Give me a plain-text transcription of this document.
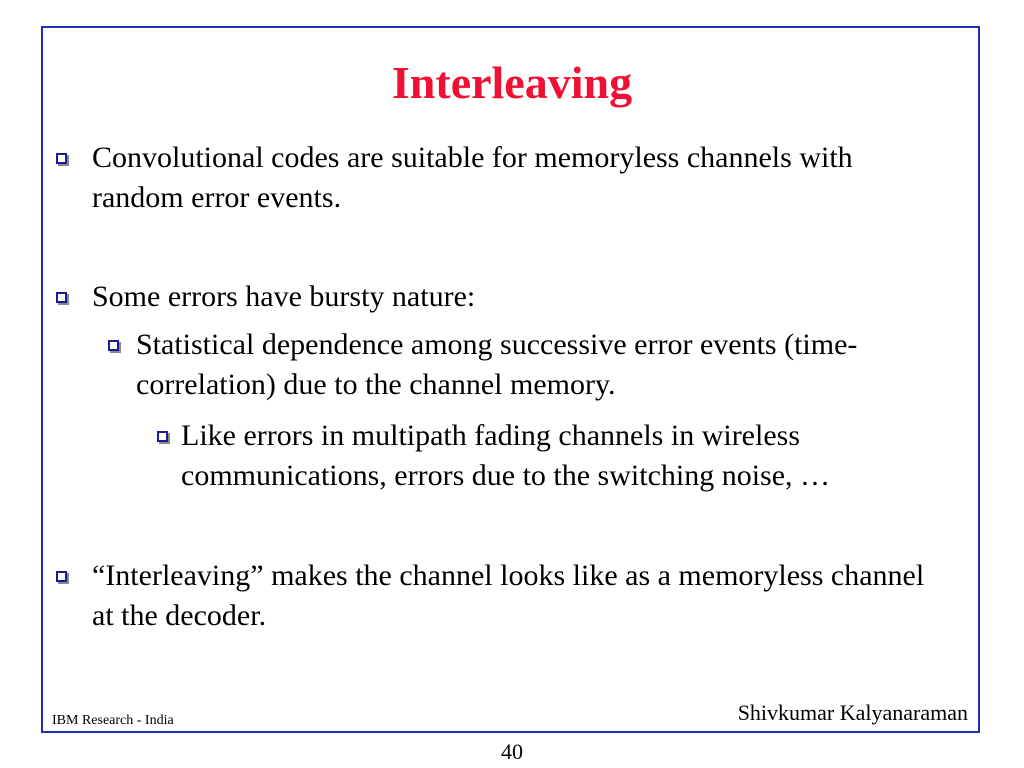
Interleaving
Convolutional codes are suitable for memoryless channels with random error events.
Some errors have bursty nature:
Statistical dependence among successive error events (time-correlation) due to the channel memory.
Like errors in multipath fading channels in wireless communications, errors due to the switching noise, …
“Interleaving” makes the channel looks like as a memoryless channel at the decoder.
IBM Research - India	Shivkumar Kalyanaraman
40
